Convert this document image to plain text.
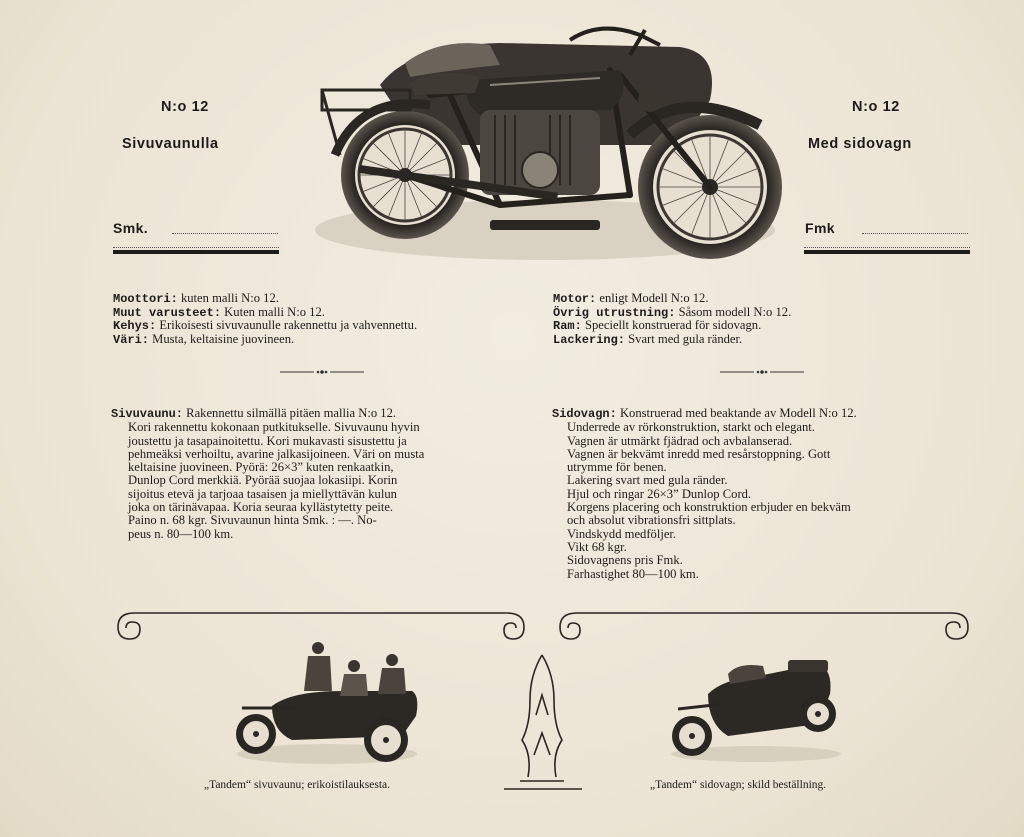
N:o 12
Sivuvaunulla
N:o 12
Med sidovagn
Smk.	Fmk
Moottori: kuten malli N:o 12.
Muut varusteet: Kuten malli N:o 12.
Kehys: Erikoisesti sivuvaunulle rakennettu ja vahvennettu.
Väri: Musta, keltaisine juovineen.
Motor: enligt Modell N:o 12.
Övrig utrustning: Såsom modell N:o 12.
Ram: Speciellt konstruerad för sidovagn.
Lackering: Svart med gula ränder.
Sivuvaunu: Rakennettu silmällä pitäen mallia N:o 12.
Kori rakennettu kokonaan putkitukselle. Sivuvaunu hyvin
joustettu ja tasapainoitettu. Kori mukavasti sisustettu ja
pehmeäksi verhoiltu, avarine jalkasijoineen. Väri on musta
keltaisine juovineen. Pyörä: 26×3” kuten renkaatkin,
Dunlop Cord merkkiä. Pyörää suojaa lokasiipi. Korin
sijoitus etevä ja tarjoaa tasaisen ja miellyttävän kulun
joka on tärinävapaa. Koria seuraa kyllästytetty peite.
Paino n. 68 kgr. Sivuvaunun hinta Smk. : —. No-
peus n. 80—100 km.
Sidovagn: Konstruerad med beaktande av Modell N:o 12.
Underrede av rörkonstruktion, starkt och elegant.
Vagnen är utmärkt fjädrad och avbalanserad.
Vagnen är bekvämt inredd med resårstoppning. Gott
utrymme för benen.
Lakering svart med gula ränder.
Hjul och ringar 26×3” Dunlop Cord.
Korgens placering och konstruktion erbjuder en bekväm
och absolut vibrationsfri sittplats.
Vindskydd medföljer.
Vikt 68 kgr.
Sidovagnens pris Fmk.
Farhastighet 80—100 km.
„Tandem“ sivuvaunu; erikoistilauksesta.	„Tandem“ sidovagn; skild beställning.
